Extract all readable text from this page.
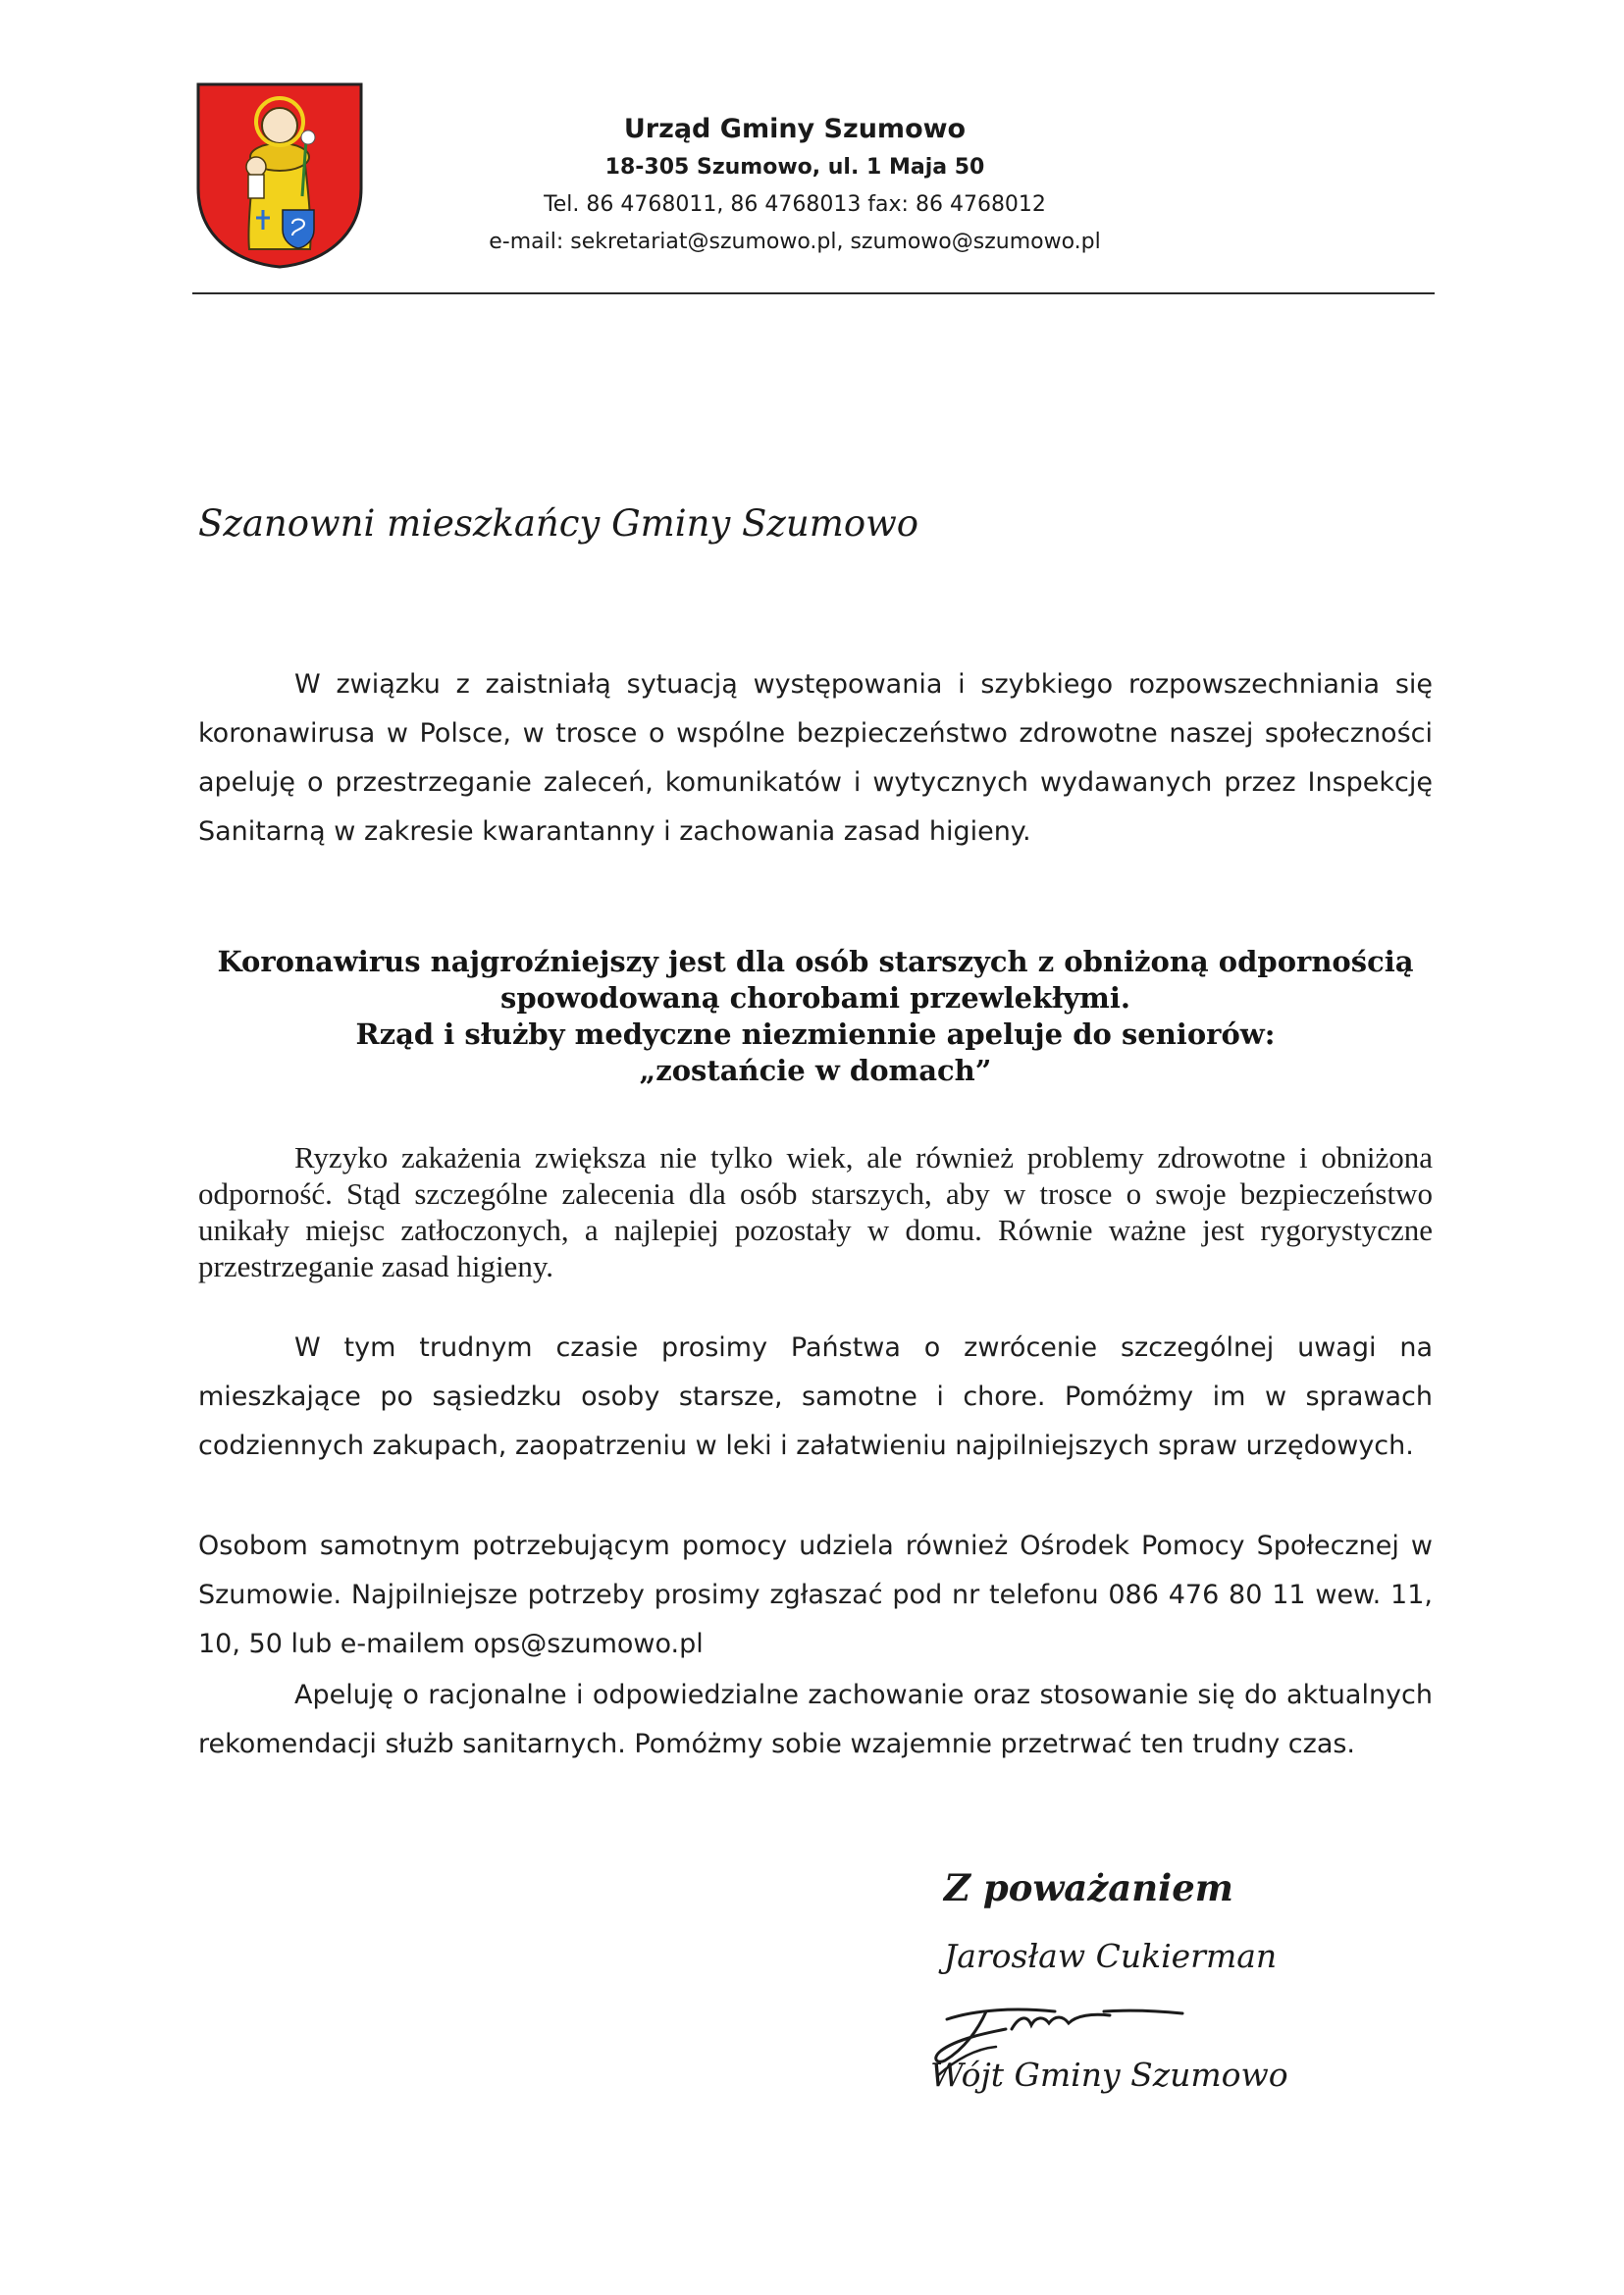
Urząd Gminy Szumowo
18-305 Szumowo, ul. 1 Maja 50
Tel. 86 4768011, 86 4768013 fax: 86 4768012
e-mail: sekretariat@szumowo.pl, szumowo@szumowo.pl
Szanowni mieszkańcy Gminy Szumowo
W związku z zaistniałą sytuacją występowania i szybkiego rozpowszechniania się koronawirusa w Polsce, w trosce o wspólne bezpieczeństwo zdrowotne naszej społeczności apeluję o przestrzeganie zaleceń, komunikatów i wytycznych wydawanych przez Inspekcję Sanitarną w zakresie kwarantanny i zachowania zasad higieny.
Koronawirus najgroźniejszy jest dla osób starszych z obniżoną odpornością
spowodowaną chorobami przewlekłymi.
Rząd i służby medyczne niezmiennie apeluje do seniorów:
„zostańcie w domach”
Ryzyko zakażenia zwiększa nie tylko wiek, ale również problemy zdrowotne i obniżona odporność. Stąd szczególne zalecenia dla osób starszych, aby w trosce o swoje bezpieczeństwo unikały miejsc zatłoczonych, a najlepiej pozostały w domu. Równie ważne jest rygorystyczne przestrzeganie zasad higieny.
W tym trudnym czasie prosimy Państwa o zwrócenie szczególnej uwagi na mieszkające po sąsiedzku osoby starsze, samotne i chore. Pomóżmy im w sprawach codziennych zakupach, zaopatrzeniu w leki i załatwieniu najpilniejszych spraw urzędowych.
Osobom samotnym potrzebującym pomocy udziela również Ośrodek Pomocy Społecznej w Szumowie. Najpilniejsze potrzeby prosimy zgłaszać pod nr telefonu 086 476 80 11 wew. 11, 10, 50 lub e-mailem ops@szumowo.pl
Apeluję o racjonalne i odpowiedzialne zachowanie oraz stosowanie się do aktualnych rekomendacji służb sanitarnych. Pomóżmy sobie wzajemnie przetrwać ten trudny czas.
Z poważaniem
Jarosław Cukierman
Wójt Gminy Szumowo
